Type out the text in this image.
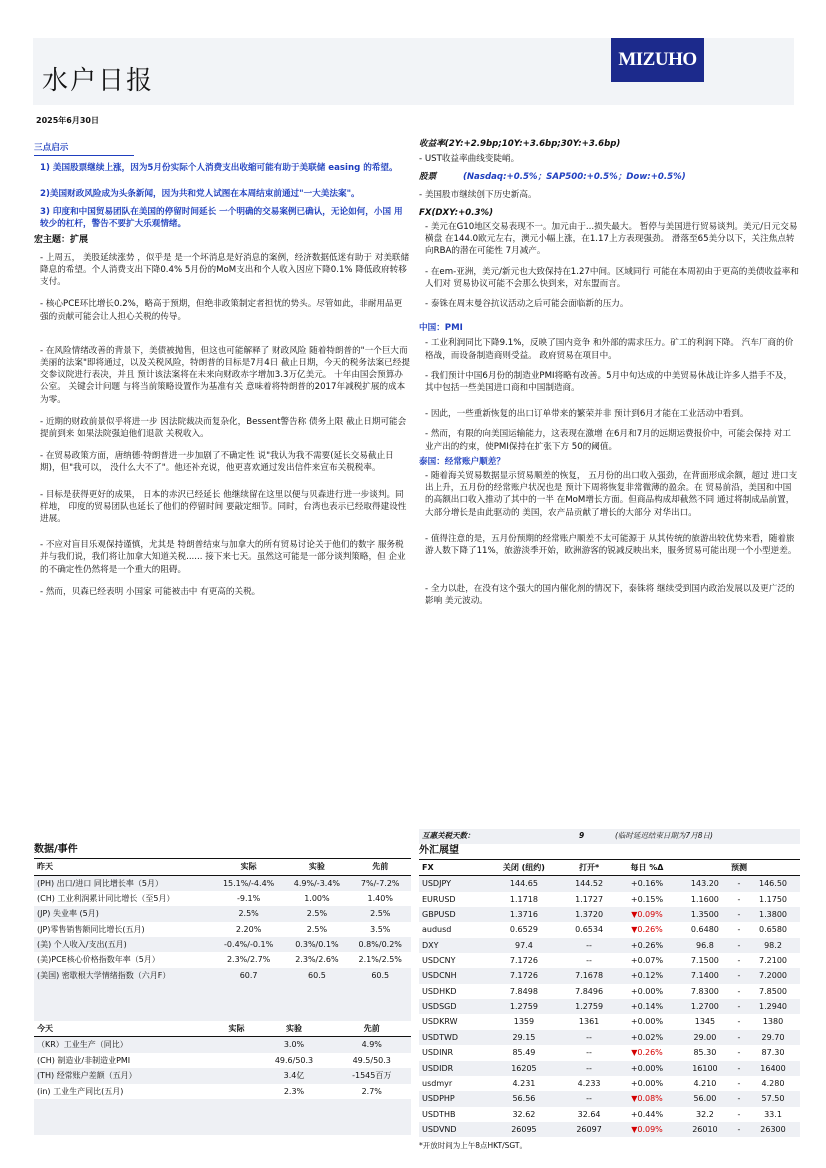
水户日报
MIZUHO
2025年6月30日
三点启示
1) 美国股票继续上涨，因为5月份实际个人消费支出收缩可能有助于美联储 easing 的希望。
2)美国财政风险成为头条新闻，因为共和党人试图在本周结束前通过"一大美法案"。
3) 印度和中国贸易团队在美国的停留时间延长 一个明确的交易案例已确认，无论如何，小国 用较少的杠杆，警告不要扩大乐观情绪。
宏主题：扩展
- 上周五， 美股延续涨势 ，似乎是 是一个坏消息是好消息的案例，经济数据低迷有助于 对美联储降息的希望。个人消费支出下降0.4% 5月份的MoM支出和个人收入因应下降0.1% 降低政府转移支付。
- 核心PCE环比增长0.2%，略高于预期，但绝非政策制定者担忧的势头。尽管如此，非耐用品更强的贡献可能会让人担心关税的传导。
- 在风险情绪改善的背景下，美债被抛售，但这也可能解释了 财政风险 随着特朗普的"一个巨大而美丽的法案"即将通过，以及关税风险，特朗普的目标是7月4日 截止日期，今天的税务法案已经提交参议院进行表决，并且 预计该法案将在未来向财政赤字增加3.3万亿美元。 十年由国会预算办公室。 关键会计问题 与将当前策略设置作为基准有关 意味着将特朗普的2017年减税扩展的成本为零。
- 近期的财政前景似乎将进一步 因法院裁决而复杂化，Bessent警告称 债务上限 截止日期可能会提前到来 如果法院强迫他们退款 关税收入。
- 在贸易政策方面，唐纳德·特朗普进一步加剧了不确定性 说"我认为我不需要(延长交易截止日期)，但"我可以， 没什么大不了"。他还补充说，他更喜欢通过发出信件来宣布关税税率。
- 目标是获得更好的成果， 日本的赤沢已经延长 他继续留在这里以便与贝森进行进一步谈判。同样地， 印度的贸易团队也延长了他们的停留时间 要敲定细节。同时，台湾也表示已经取得建设性进展。
- 不应对盲目乐观保持谨慎，尤其是 特朗普结束与加拿大的所有贸易讨论关于他们的数字 服务税 并与我们说，我们将让加拿大知道关税...... 接下来七天。虽然这可能是一部分谈判策略，但 企业的不确定性仍然将是一个重大的阻碍。
- 然而，贝森已经表明 小国家 可能被击中 有更高的关税。
收益率(2Y:+2.9bp;10Y:+3.6bp;30Y:+3.6bp)
- UST收益率曲线变陡峭。
股票	(Nasdaq:+0.5%；SAP500:+0.5%；Dow:+0.5%)
- 美国股市继续创下历史新高。
FX(DXY:+0.3%)
- 美元在G10地区交易表现不一。加元由于...损失最大。 暂停与美国进行贸易谈判。美元/日元交易横盘 在144.0欧元左右，澳元小幅上涨，在1.17上方表现强劲。 滑落至65美分以下，关注焦点转向RBA的潜在可能性 7月减产。
- 在em-亚洲，美元/新元也大致保持在1.27中间。区域同行 可能在本周初由于更高的美债收益率和人们对 贸易协议可能不会那么快到来，对东盟而言。
- 泰铢在周末曼谷抗议活动之后可能会面临新的压力。
中国：PMI
- 工业利润同比下降9.1%，反映了国内竞争 和外部的需求压力。矿工的利润下降。 汽车厂商的价格战，而设备制造商则受益。 政府贸易在项目中。
- 我们预计中国6月份的制造业PMI将略有改善。5月中旬达成的中美贸易休战让许多人措手不及，其中包括一些美国进口商和中国制造商。
- 因此，一些重新恢复的出口订单带来的繁荣并非 预计到6月才能在工业活动中看到。
- 然而，有限的向美国运输能力，这表现在激增 在6月和7月的远期运费报价中，可能会保持 对工业产出的约束，使PMI保持在扩张下方 50的阈值。
泰国：经常账户顺差？
- 随着海关贸易数据显示贸易顺差的恢复， 五月份的出口收入强劲，在背面形成余额，超过 进口支出上升，五月份的经常账户状况也是 预计下周将恢复非常微薄的盈余。在 贸易前沿，美国和中国的高额出口收入推动了其中的一半 在MoM增长方面。但商品构成却截然不同 通过将制成品前置，大部分增长是由此驱动的 美国，农产品贡献了增长的大部分 对华出口。
- 值得注意的是，五月份预期的经常账户顺差不太可能源于 从其传统的旅游出较优势来看，随着旅游人数下降了11%，旅游淡季开始，欧洲游客的锐减反映出来，服务贸易可能出现一个小型逆差。
- 全力以赴，在没有这个强大的国内催化剂的情况下，泰铢将 继续受到国内政治发展以及更广泛的影响 美元波动。
数据/事件
昨天	实际	实验	先前
(PH) 出口/进口 同比增长率（5月）	15.1%/-4.4%	4.9%/-3.4%	7%/-7.2%
(CH) 工业利润累计同比增长（至5月）	-9.1%	1.00%	1.40%
(JP) 失业率 (5月)	2.5%	2.5%	2.5%
(JP)零售销售额同比增长(五月)	2.20%	2.5%	3.5%
(美) 个人收入/支出(五月)	-0.4%/-0.1%	0.3%/0.1%	0.8%/0.2%
(美)PCE核心价格指数年率（5月）	2.3%/2.7%	2.3%/2.6%	2.1%/2.5%
(美国) 密歇根大学情绪指数（六月F）	60.7	60.5	60.5
今天	实际	实验	先前
（KR）工业生产（同比）		3.0%	4.9%
(CH) 制造业/非制造业PMI		49.6/50.3	49.5/50.3
(TH) 经常账户差额（五月）		3.4亿	-1545百万
(in) 工业生产同比(五月)		2.3%	2.7%
互惠关税天数：	9	(临时延迟结束日期为7月8日)
外汇展望
FX	关闭 (纽约)	打开*	每日 %Δ	预测		
USDJPY	144.65	144.52	+0.16%	143.20	-	146.50
EURUSD	1.1718	1.1727	+0.15%	1.1600	-	1.1750
GBPUSD	1.3716	1.3720	▼0.09%	1.3500	-	1.3800
audusd	0.6529	0.6534	▼0.26%	0.6480	-	0.6580
DXY	97.4	--	+0.26%	96.8	-	98.2
USDCNY	7.1726	--	+0.07%	7.1500	-	7.2100
USDCNH	7.1726	7.1678	+0.12%	7.1400	-	7.2000
USDHKD	7.8498	7.8496	+0.00%	7.8300	-	7.8500
USDSGD	1.2759	1.2759	+0.14%	1.2700	-	1.2940
USDKRW	1359	1361	+0.00%	1345	-	1380
USDTWD	29.15	--	+0.02%	29.00	-	29.70
USDINR	85.49	--	▼0.26%	85.30	-	87.30
USDIDR	16205	--	+0.00%	16100	-	16400
usdmyr	4.231	4.233	+0.00%	4.210	-	4.280
USDPHP	56.56	--	▼0.08%	56.00	-	57.50
USDTHB	32.62	32.64	+0.44%	32.2	-	33.1
USDVND	26095	26097	▼0.09%	26010	-	26300
*开放时间为上午8点HKT/SGT。
